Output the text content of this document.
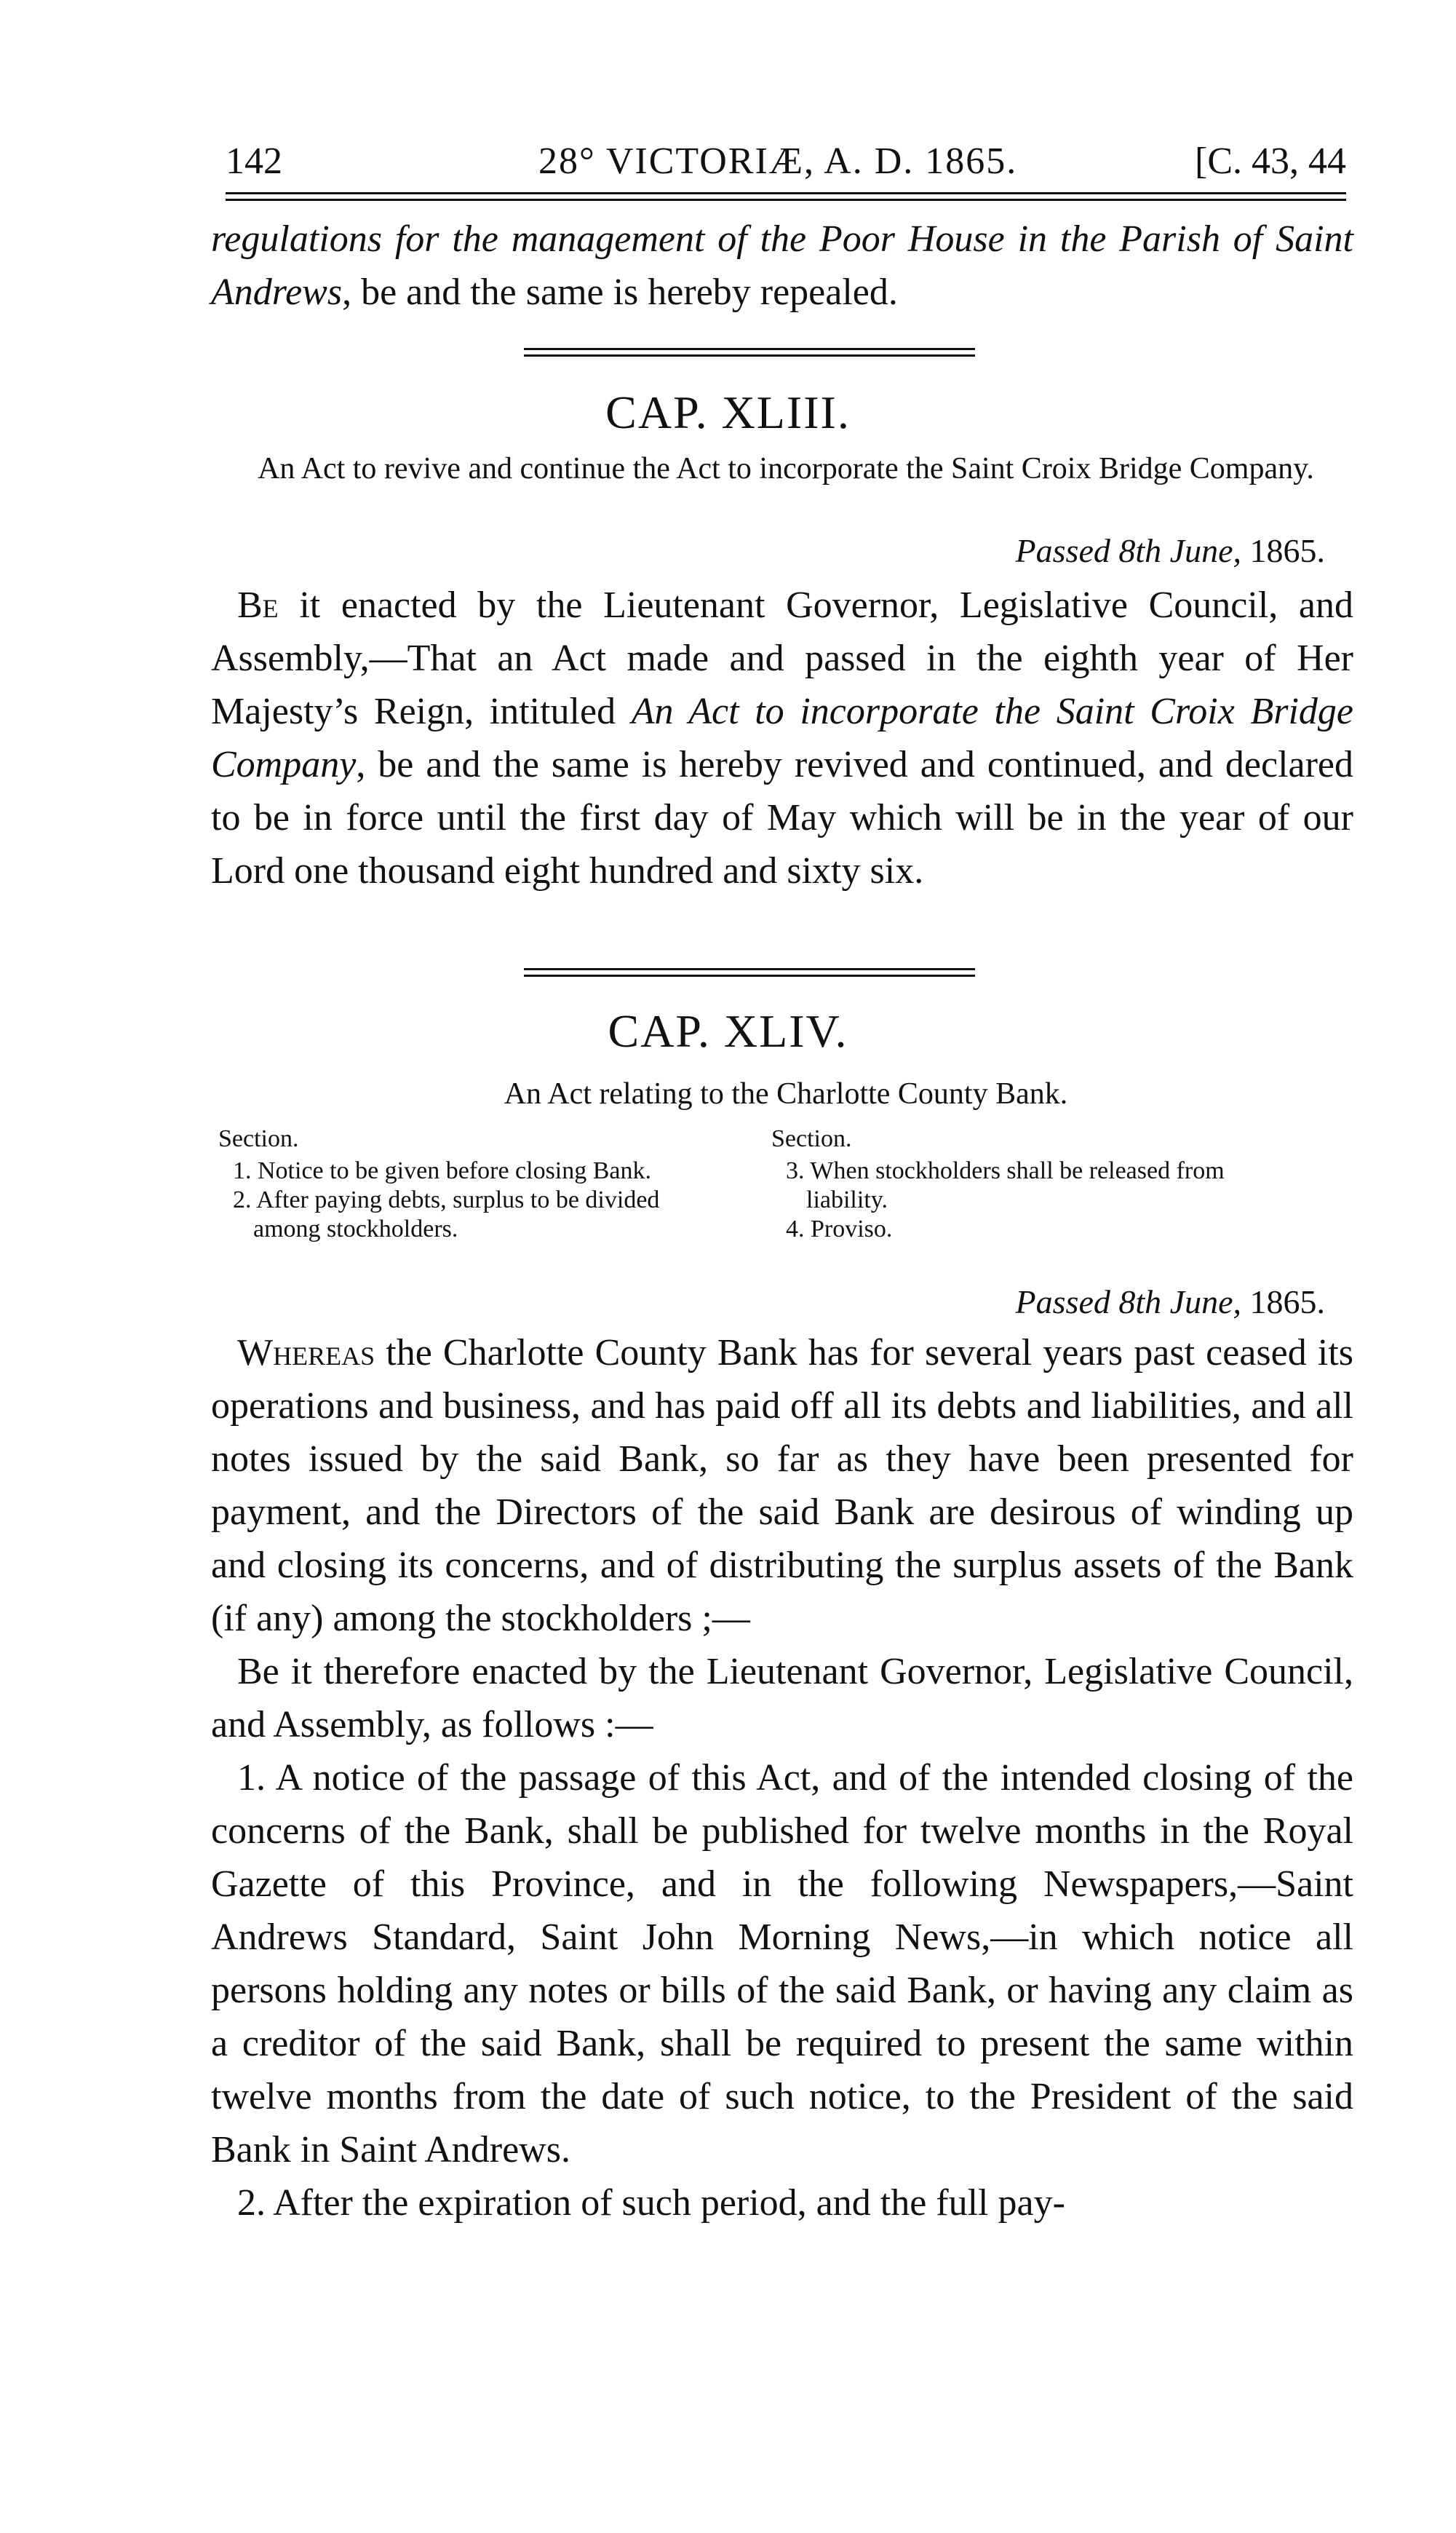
142	28° VICTORIÆ, A. D. 1865.	[C. 43, 44
regulations for the management of the Poor House in the Parish of Saint Andrews, be and the same is hereby repealed.
CAP. XLIII.
An Act to revive and continue the Act to incorporate the Saint Croix Bridge Company.
Passed 8th June, 1865.

Be it enacted by the Lieutenant Governor, Legislative Council, and Assembly,—That an Act made and passed in the eighth year of Her Majesty’s Reign, intituled An Act to incorporate the Saint Croix Bridge Company, be and the same is hereby revived and continued, and declared to be in force until the first day of May which will be in the year of our Lord one thousand eight hundred and sixty six.

CAP. XLIV.
An Act relating to the Charlotte County Bank.
Section.

1. Notice to be given before closing Bank.

2. After paying debts, surplus to be divided among stockholders.

Section.

3. When stockholders shall be released from liability.

4. Proviso.

Passed 8th June, 1865.

Whereas the Charlotte County Bank has for several years past ceased its operations and business, and has paid off all its debts and liabilities, and all notes issued by the said Bank, so far as they have been presented for payment, and the Directors of the said Bank are desirous of winding up and closing its concerns, and of distributing the surplus assets of the Bank (if any) among the stockholders ;—

Be it therefore enacted by the Lieutenant Governor, Legislative Council, and Assembly, as follows :—

1. A notice of the passage of this Act, and of the intended closing of the concerns of the Bank, shall be published for twelve months in the Royal Gazette of this Province, and in the following Newspapers,—Saint Andrews Standard, Saint John Morning News,—in which notice all persons holding any notes or bills of the said Bank, or having any claim as a creditor of the said Bank, shall be required to present the same within twelve months from the date of such notice, to the President of the said Bank in Saint Andrews.

2. After the expiration of such period, and the full pay-
